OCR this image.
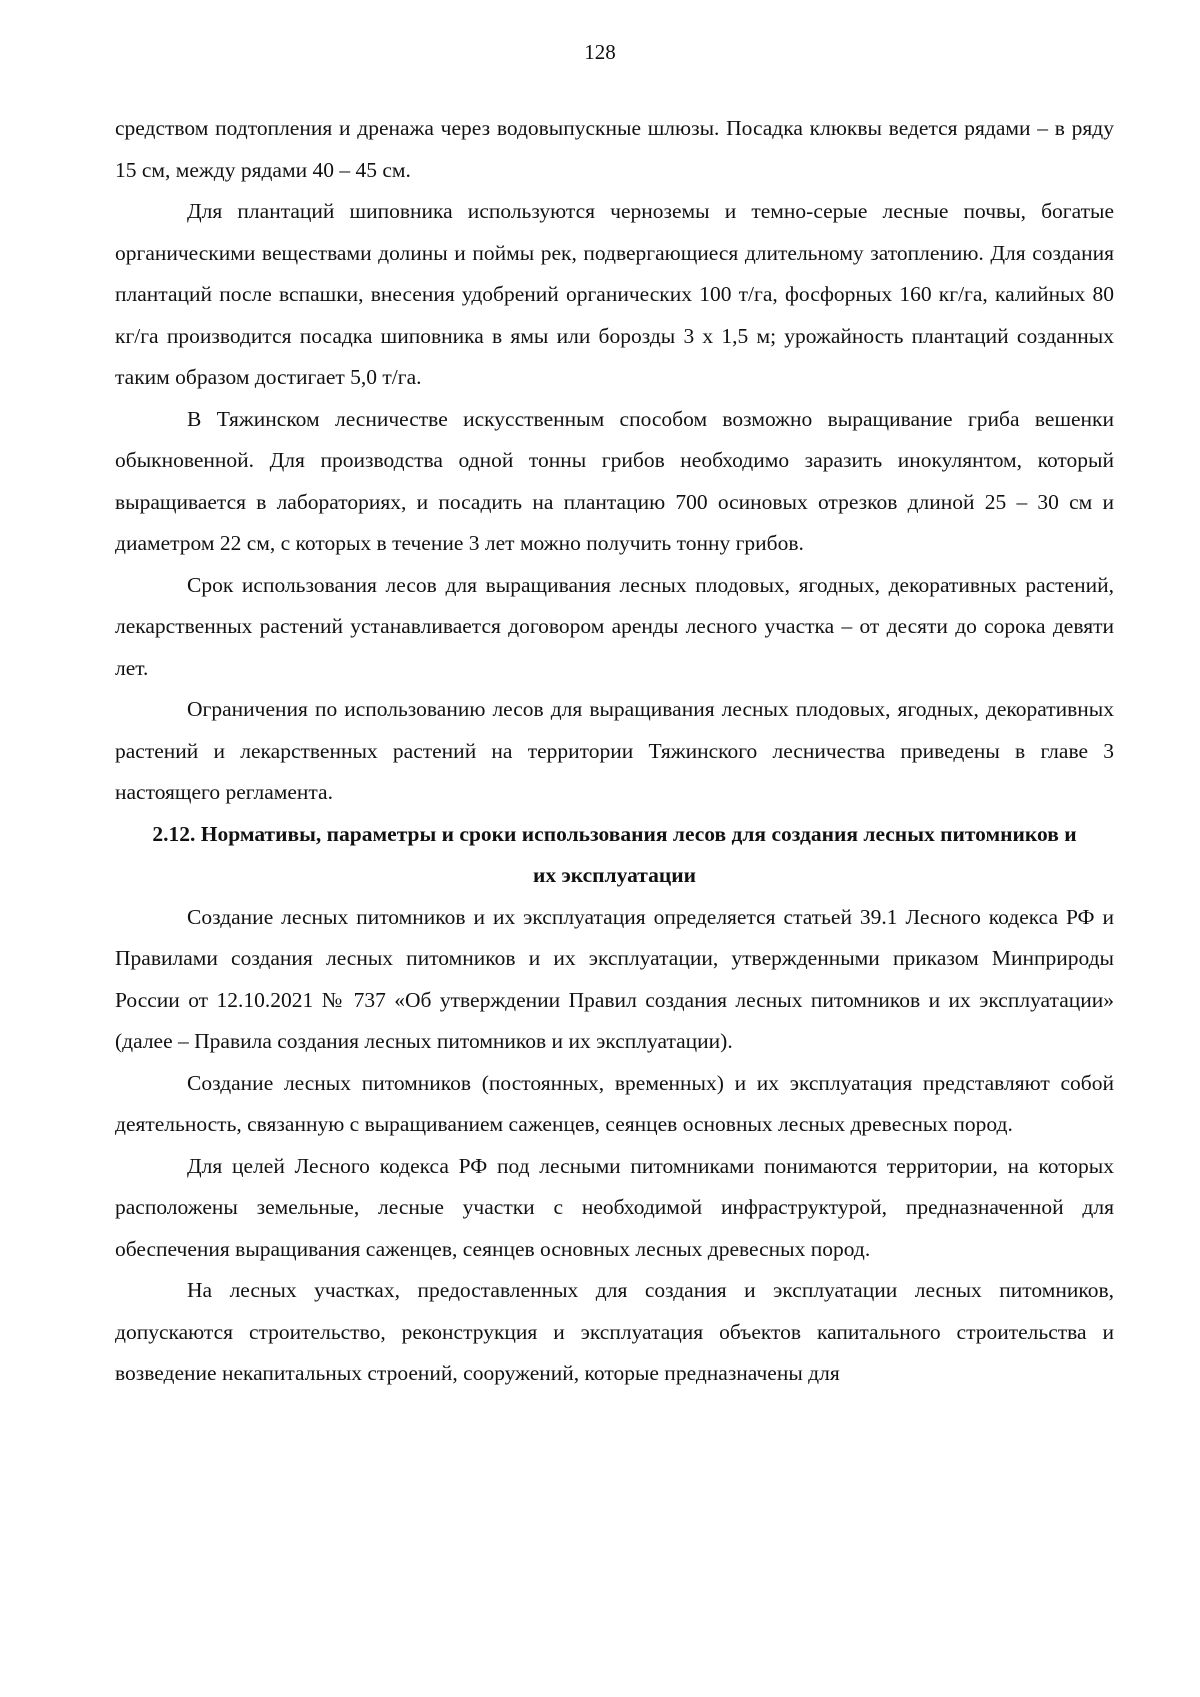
128

средством подтопления и дренажа через водовыпускные шлюзы. Посадка клюквы ведется рядами – в ряду 15 см, между рядами 40 – 45 см.

Для плантаций шиповника используются черноземы и темно-серые лесные почвы, богатые органическими веществами долины и поймы рек, подвергающиеся длительному затоплению. Для создания плантаций после вспашки, внесения удобрений органических 100 т/га, фосфорных 160 кг/га, калийных 80 кг/га производится посадка шиповника в ямы или борозды 3 х 1,5 м; урожайность плантаций созданных таким образом достигает 5,0 т/га.

В Тяжинском лесничестве искусственным способом возможно выращивание гриба вешенки обыкновенной. Для производства одной тонны грибов необходимо заразить инокулянтом, который выращивается в лабораториях, и посадить на плантацию 700 осиновых отрезков длиной 25 – 30 см и диаметром 22 см, с которых в течение 3 лет можно получить тонну грибов.

Срок использования лесов для выращивания лесных плодовых, ягодных, декоративных растений, лекарственных растений устанавливается договором аренды лесного участка – от десяти до сорока девяти лет.

Ограничения по использованию лесов для выращивания лесных плодовых, ягодных, декоративных растений и лекарственных растений на территории Тяжинского лесничества приведены в главе 3 настоящего регламента.

2.12. Нормативы, параметры и сроки использования лесов для создания лесных питомников и их эксплуатации

Создание лесных питомников и их эксплуатация определяется статьей 39.1 Лесного кодекса РФ и Правилами создания лесных питомников и их эксплуатации, утвержденными приказом Минприроды России от 12.10.2021 № 737 «Об утверждении Правил создания лесных питомников и их эксплуатации» (далее – Правила создания лесных питомников и их эксплуатации).

Создание лесных питомников (постоянных, временных) и их эксплуатация представляют собой деятельность, связанную с выращиванием саженцев, сеянцев основных лесных древесных пород.

Для целей Лесного кодекса РФ под лесными питомниками понимаются территории, на которых расположены земельные, лесные участки с необходимой инфраструктурой, предназначенной для обеспечения выращивания саженцев, сеянцев основных лесных древесных пород.

На лесных участках, предоставленных для создания и эксплуатации лесных питомников, допускаются строительство, реконструкция и эксплуатация объектов капитального строительства и возведение некапитальных строений, сооружений, которые предназначены для
